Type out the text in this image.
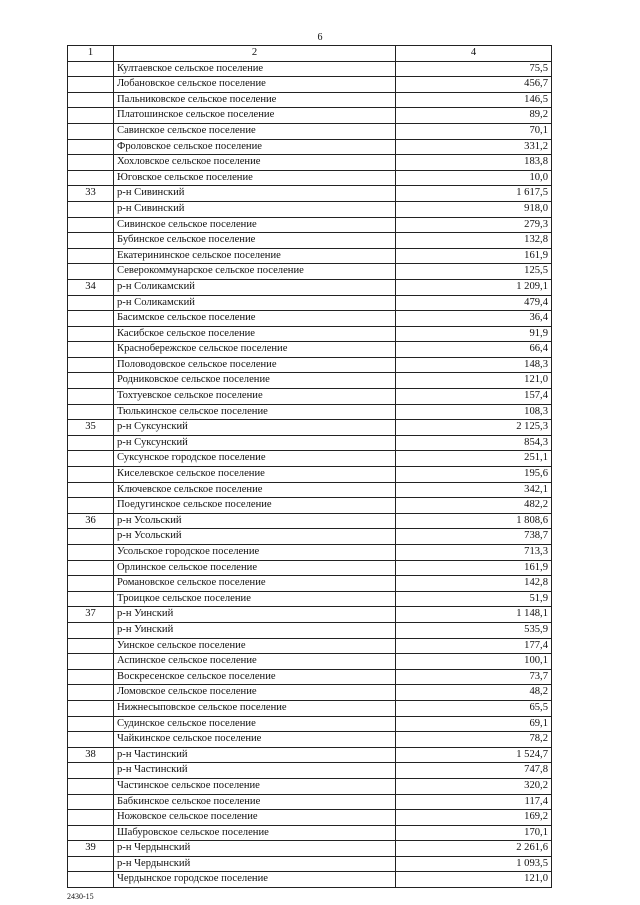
6
1	2	4
	Култаевское сельское поселение	75,5
	Лобановское сельское поселение	456,7
	Пальниковское сельское поселение	146,5
	Платошинское сельское поселение	89,2
	Савинское сельское поселение	70,1
	Фроловское сельское поселение	331,2
	Хохловское сельское поселение	183,8
	Юговское сельское поселение	10,0
33	р-н Сивинский	1 617,5
	р-н Сивинский	918,0
	Сивинское сельское поселение	279,3
	Бубинское сельское поселение	132,8
	Екатерининское сельское поселение	161,9
	Северокоммунарское сельское поселение	125,5
34	р-н Соликамский	1 209,1
	р-н Соликамский	479,4
	Басимское сельское поселение	36,4
	Касибское сельское поселение	91,9
	Краснобережское сельское поселение	66,4
	Половодовское сельское поселение	148,3
	Родниковское сельское поселение	121,0
	Тохтуевское сельское поселение	157,4
	Тюлькинское сельское поселение	108,3
35	р-н Суксунский	2 125,3
	р-н Суксунский	854,3
	Суксунское городское поселение	251,1
	Киселевское сельское поселение	195,6
	Ключевское сельское поселение	342,1
	Поедугинское сельское поселение	482,2
36	р-н Усольский	1 808,6
	р-н Усольский	738,7
	Усольское городское поселение	713,3
	Орлинское сельское поселение	161,9
	Романовское сельское поселение	142,8
	Троицкое сельское поселение	51,9
37	р-н Уинский	1 148,1
	р-н Уинский	535,9
	Уинское сельское поселение	177,4
	Аспинское сельское поселение	100,1
	Воскресенское сельское поселение	73,7
	Ломовское сельское поселение	48,2
	Нижнесыповское сельское поселение	65,5
	Судинское сельское поселение	69,1
	Чайкинское сельское поселение	78,2
38	р-н Частинский	1 524,7
	р-н Частинский	747,8
	Частинское сельское поселение	320,2
	Бабкинское сельское поселение	117,4
	Ножовское сельское поселение	169,2
	Шабуровское сельское поселение	170,1
39	р-н Чердынский	2 261,6
	р-н Чердынский	1 093,5
	Чердынское городское поселение	121,0
2430-15
